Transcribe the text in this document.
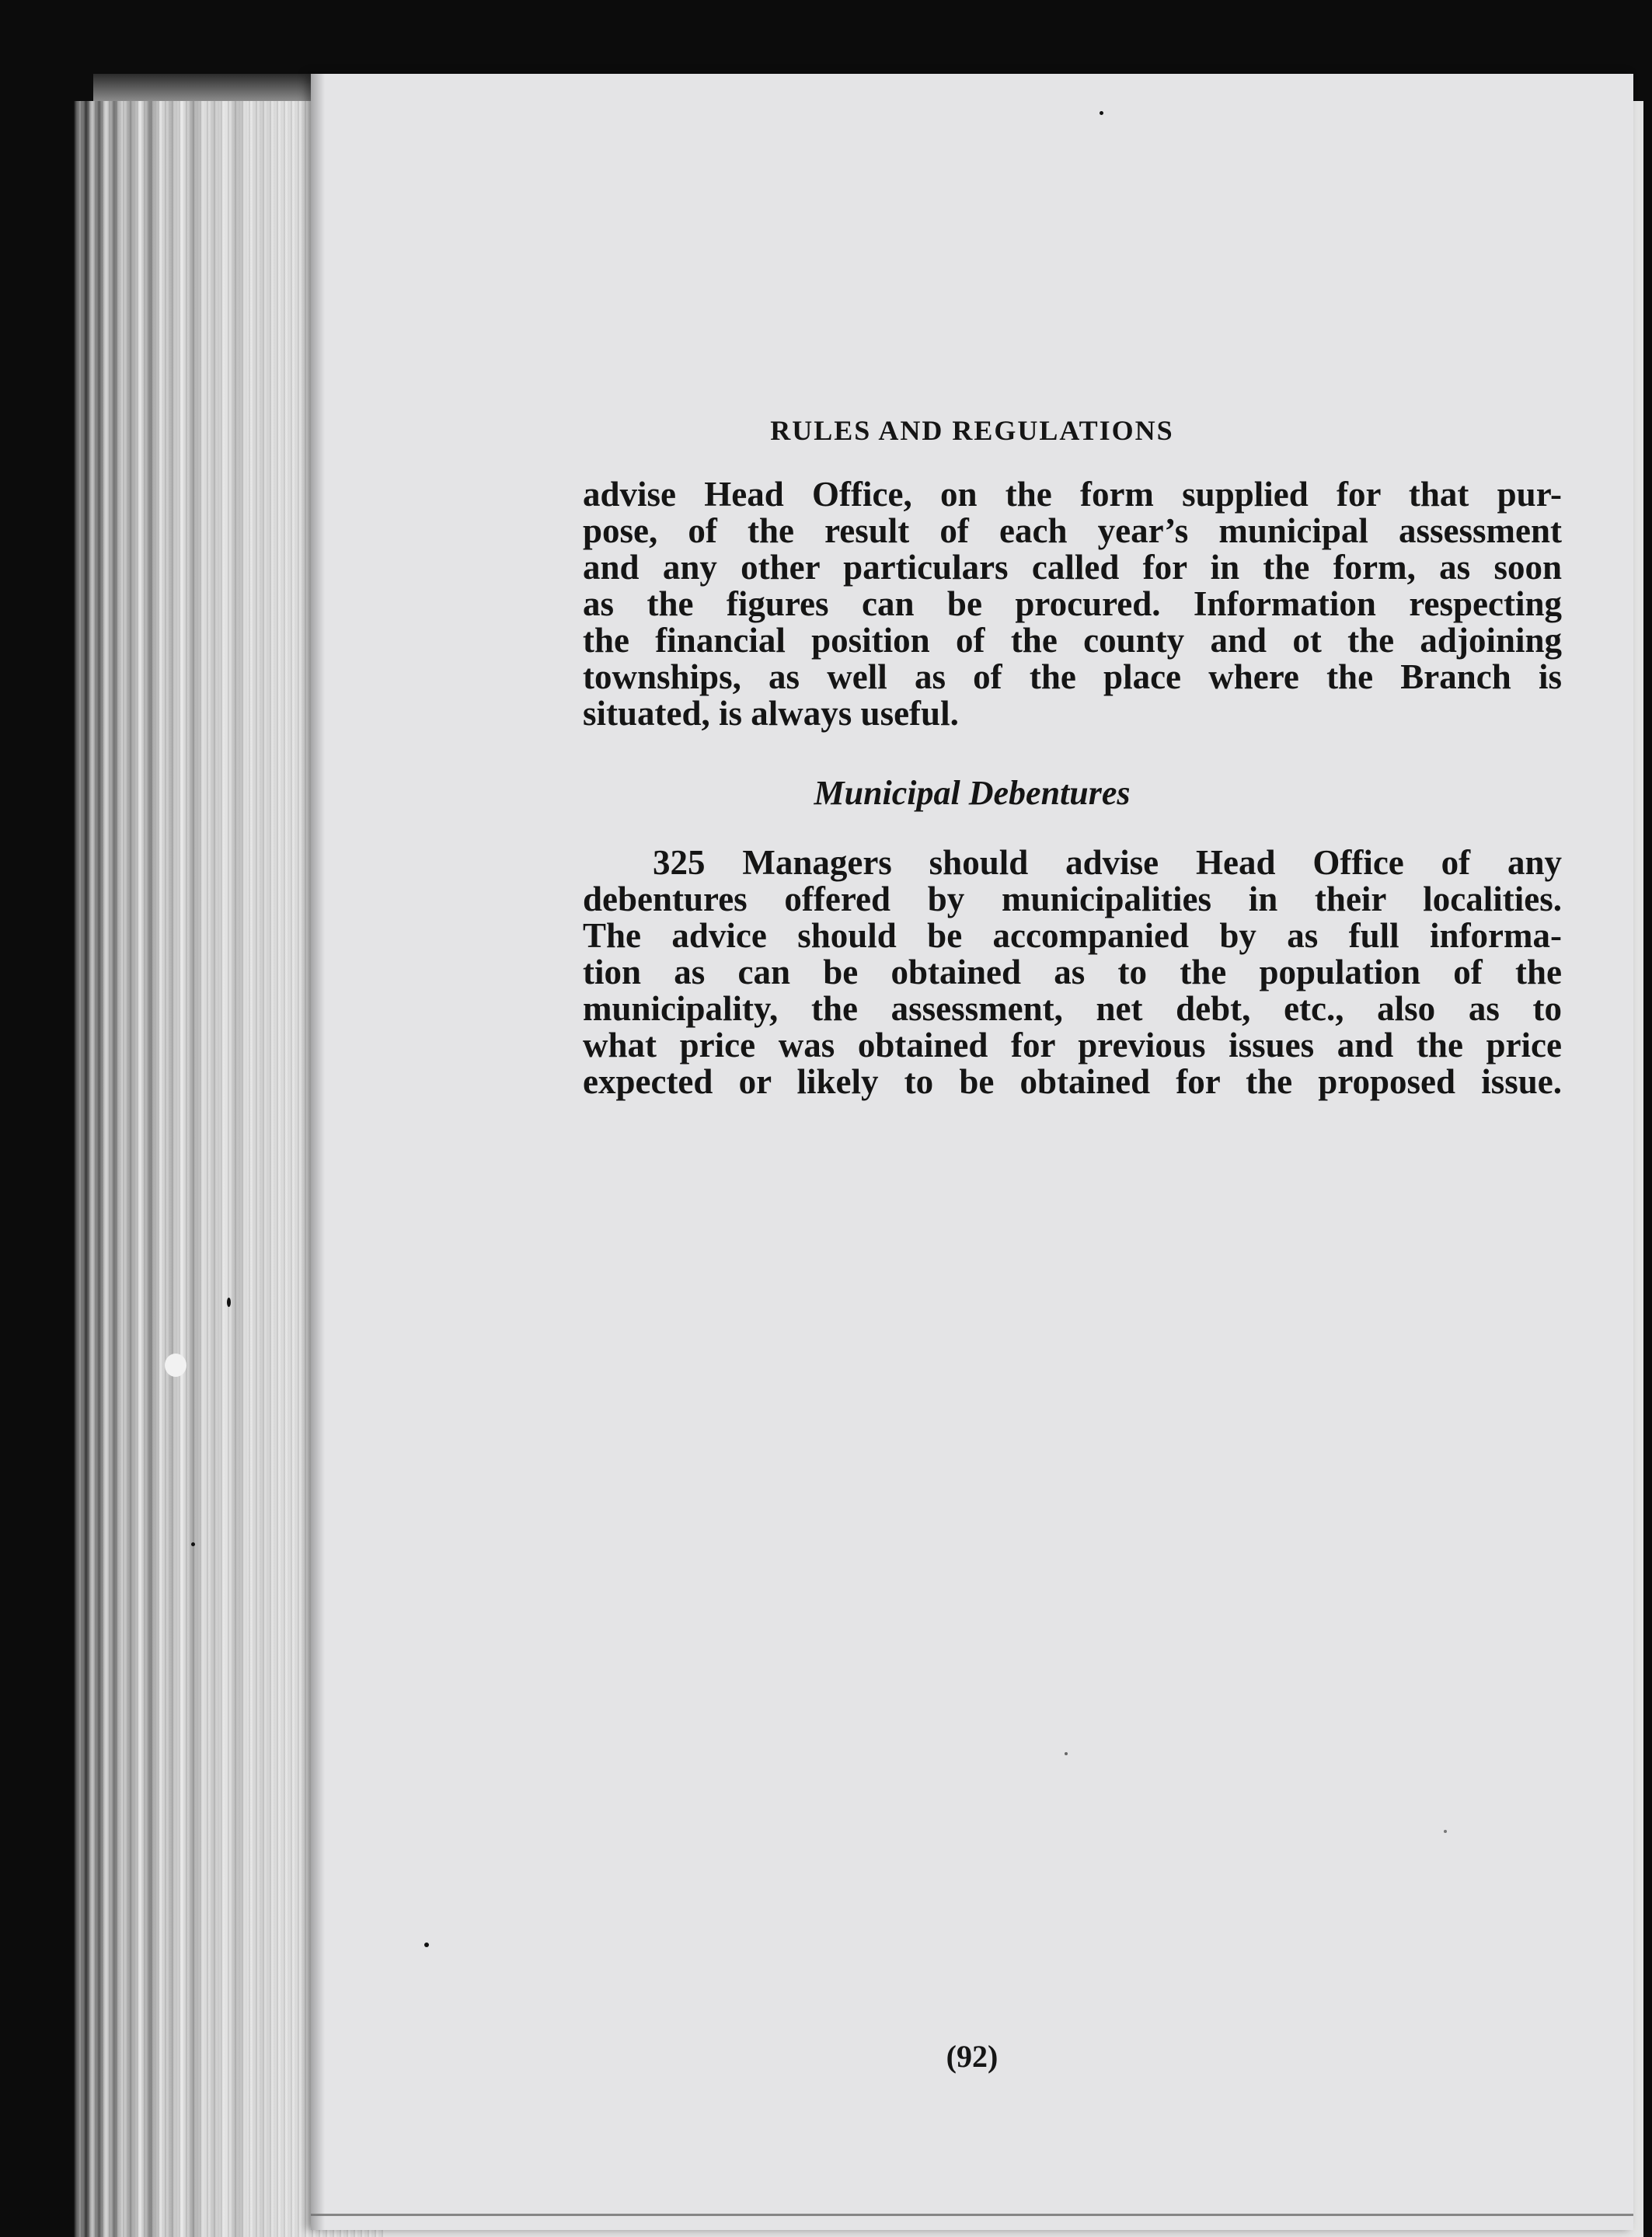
RULES AND REGULATIONS
advise Head Office, on the form supplied for that pur-
pose, of the result of each year’s municipal assessment
and any other particulars called for in the form, as soon
as the figures can be procured. Information respecting
the financial position of the county and ot the adjoining
townships, as well as of the place where the Branch is
situated, is always useful.
Municipal Debentures
325 Managers should advise Head Office of any
debentures offered by municipalities in their localities.
The advice should be accompanied by as full informa-
tion as can be obtained as to the population of the
municipality, the assessment, net debt, etc., also as to
what price was obtained for previous issues and the price
expected or likely to be obtained for the proposed issue.
(92)
